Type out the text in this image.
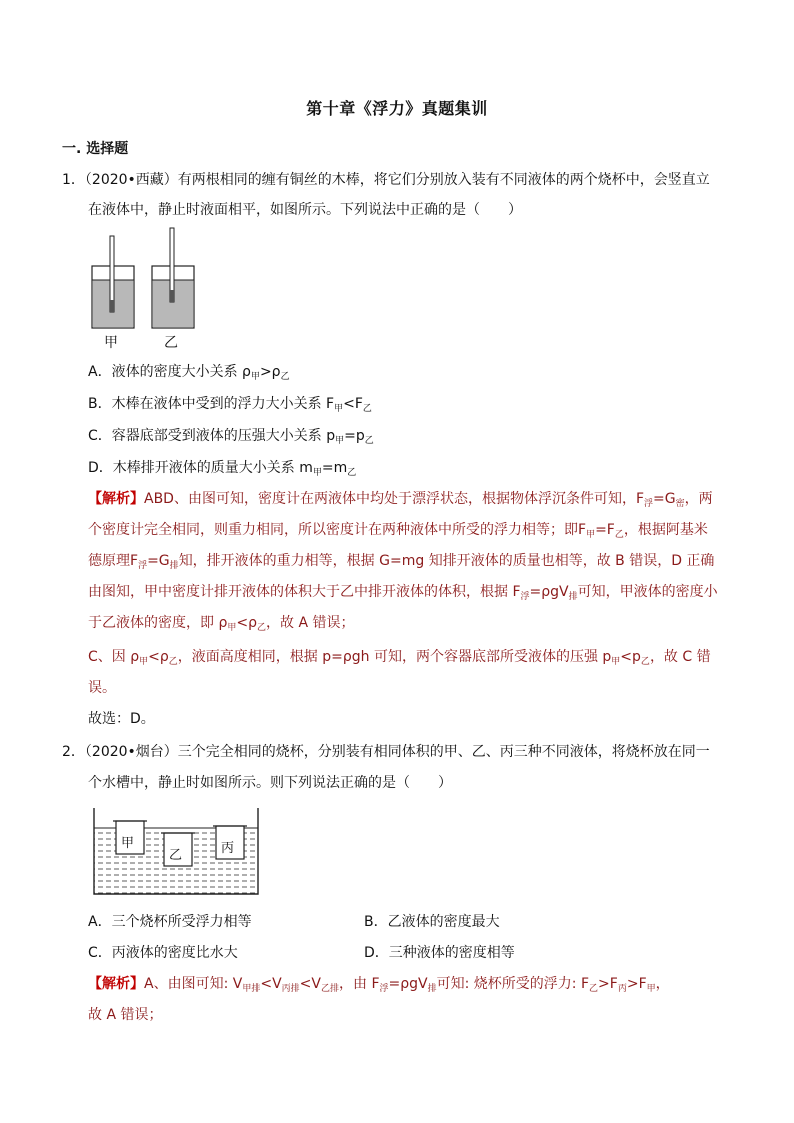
第十章《浮力》真题集训
一. 选择题
1．（2020•西藏）有两根相同的缠有铜丝的木棒，将它们分别放入装有不同液体的两个烧杯中，会竖直立
在液体中，静止时液面相平，如图所示。下列说法中正确的是（　　）
甲	乙
A．液体的密度大小关系 $\rho_甲>\rho_乙$
B．木棒在液体中受到的浮力大小关系 $F_甲<F_乙$
C．容器底部受到液体的压强大小关系 $p_甲=p_乙$
D．木棒排开液体的质量大小关系 $m_甲=m_乙$
【解析】ABD、由图可知，密度计在两液体中均处于漂浮状态，根据物体浮沉条件可知，$F_浮=G_密$，两
个密度计完全相同，则重力相同，所以密度计在两种液体中所受的浮力相等；即$F_甲=F_乙$，根据阿基米
德原理$F_浮=G_排$知，排开液体的重力相等，根据 G=mg 知排开液体的质量也相等，故 B 错误，D 正确
由图知，甲中密度计排开液体的体积大于乙中排开液体的体积，根据 $F_浮=\rho gV_排$可知，甲液体的密度小
于乙液体的密度，即 $\rho_甲<\rho_乙$，故 A 错误；
C、因 $\rho_甲<\rho_乙$，液面高度相同，根据 p=ρgh 可知，两个容器底部所受液体的压强 $p_甲<p_乙$，故 C 错
误。
故选：D。
2．（2020•烟台）三个完全相同的烧杯，分别装有相同体积的甲、乙、丙三种不同液体，将烧杯放在同一
个水槽中，静止时如图所示。则下列说法正确的是（　　）
甲
乙	丙
A．三个烧杯所受浮力相等	B．乙液体的密度最大
C．丙液体的密度比水大	D．三种液体的密度相等
【解析】A、由图可知: $V_{甲排}<V_{丙排}<V_{乙排}$，由 $F_浮=\rho gV_排$可知: 烧杯所受的浮力: $F_乙>F_丙>F_甲$，
故 A 错误；
